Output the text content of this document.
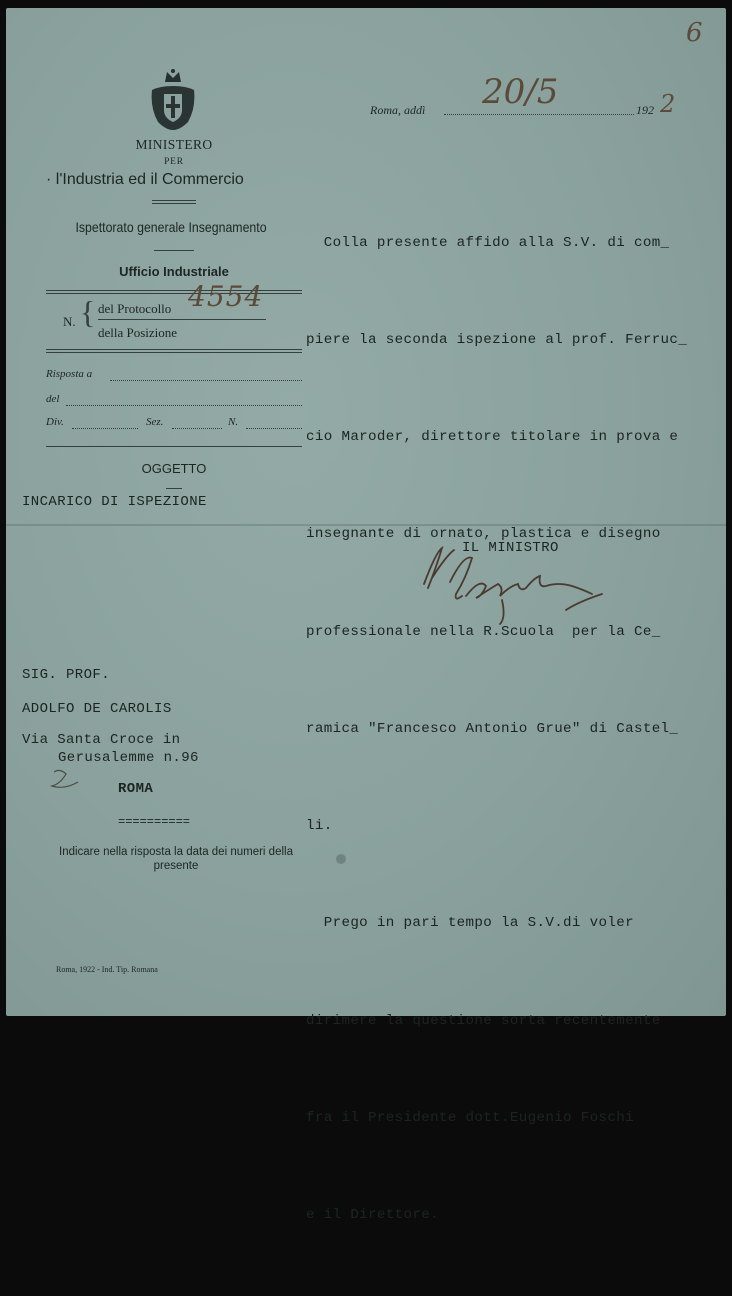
6
MINISTERO
PER
· l'Industria ed il Commercio
Ispettorato generale Insegnamento
Ufficio Industriale
N. { del Protocollo 4554
della Posizione
Risposta a
del
Div.	Sez.	N.
OGGETTO
INCARICO DI ISPEZIONE
Roma, addì 20/5	192 2

Colla presente affido alla S.V. di com_

piere la seconda ispezione al prof. Ferruc_

cio Maroder, direttore titolare in prova e

insegnante di ornato, plastica e disegno

professionale nella R.Scuola  per la Ce_

ramica "Francesco Antonio Grue" di Castel_

li.

Prego in pari tempo la S.V.di voler

dirimere la questione sorta recentemente

fra il Presidente dott.Eugenio Foschi

e il Direttore.

IL MINISTRO
SIG. PROF.
ADOLFO DE CAROLIS
Via Santa Croce in
Gerusalemme n.96
ROMA
==========
Indicare nella risposta la data dei numeri della presente
Roma, 1922 - Ind. Tip. Romana
